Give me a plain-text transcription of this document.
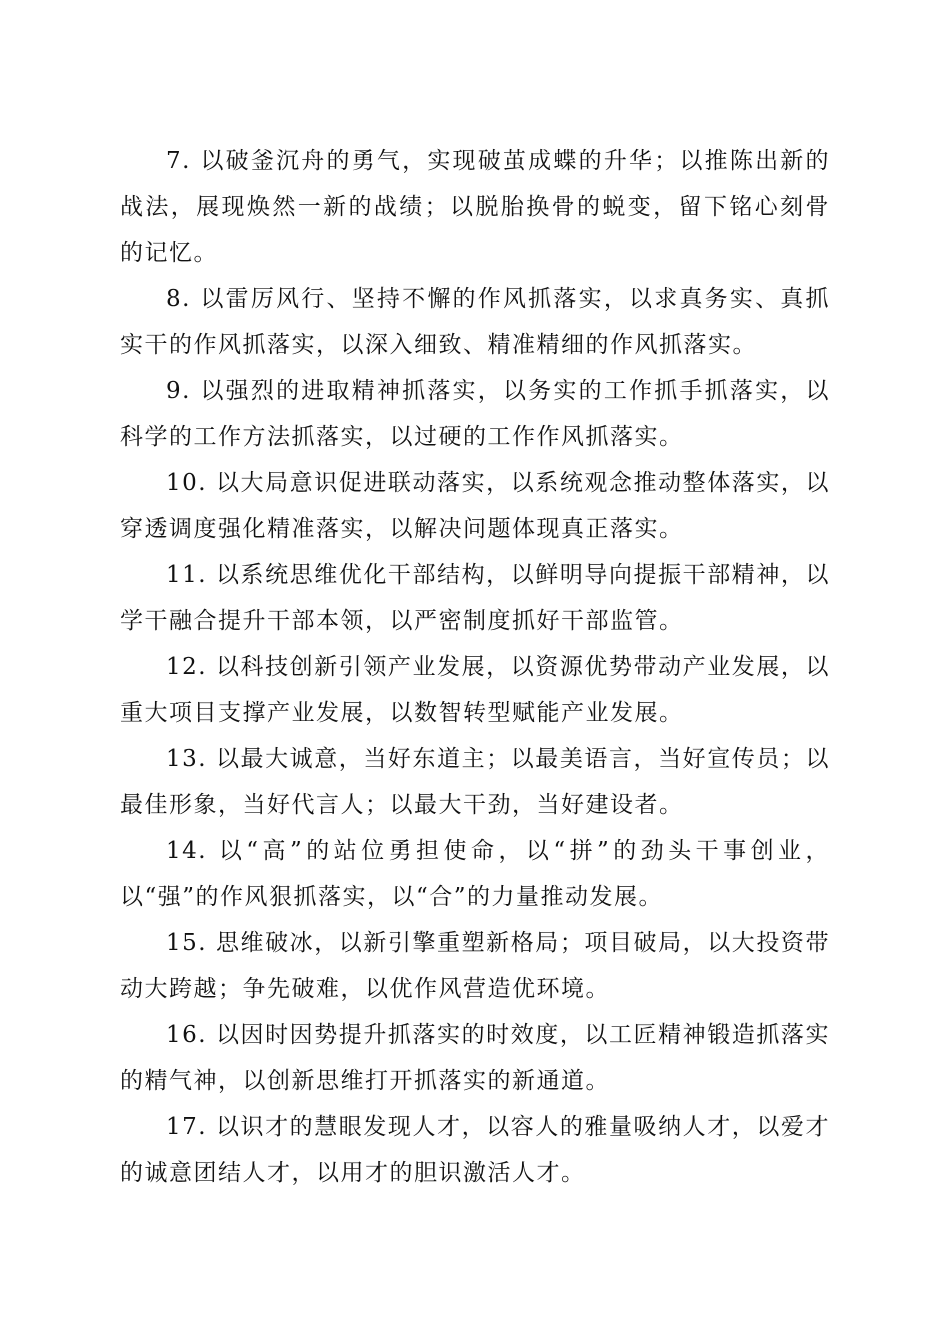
7. 以破釜沉舟的勇气，实现破茧成蝶的升华；以推陈出新的战法，展现焕然一新的战绩；以脱胎换骨的蜕变，留下铭心刻骨的记忆。

8. 以雷厉风行、坚持不懈的作风抓落实，以求真务实、真抓实干的作风抓落实，以深入细致、精准精细的作风抓落实。

9. 以强烈的进取精神抓落实，以务实的工作抓手抓落实，以科学的工作方法抓落实，以过硬的工作作风抓落实。

10. 以大局意识促进联动落实，以系统观念推动整体落实，以穿透调度强化精准落实，以解决问题体现真正落实。

11. 以系统思维优化干部结构，以鲜明导向提振干部精神，以学干融合提升干部本领，以严密制度抓好干部监管。

12. 以科技创新引领产业发展，以资源优势带动产业发展，以重大项目支撑产业发展，以数智转型赋能产业发展。

13. 以最大诚意，当好东道主；以最美语言，当好宣传员；以最佳形象，当好代言人；以最大干劲，当好建设者。

14. 以“高”的站位勇担使命，以“拼”的劲头干事创业，以“强”的作风狠抓落实，以“合”的力量推动发展。

15. 思维破冰，以新引擎重塑新格局；项目破局，以大投资带动大跨越；争先破难，以优作风营造优环境。

16. 以因时因势提升抓落实的时效度，以工匠精神锻造抓落实的精气神，以创新思维打开抓落实的新通道。

17. 以识才的慧眼发现人才，以容人的雅量吸纳人才，以爱才的诚意团结人才，以用才的胆识激活人才。
